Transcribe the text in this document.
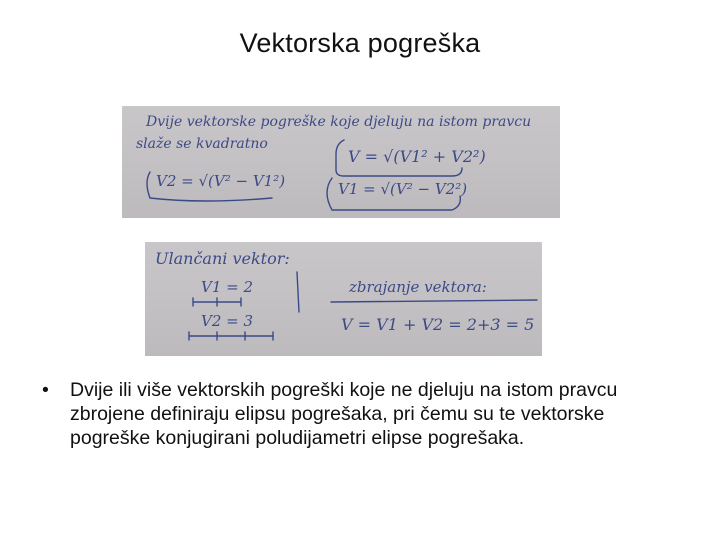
Vektorska pogreška
Dvije vektorske pogreške koje djeluju na istom pravcu
slaže se kvadratno
V = √(V1² + V2²)
V2 = √(V² − V1²)	V1 = √(V² − V2²)
Ulančani vektor:
zbrajanje vektora:
V1 = 2
V2 = 3	V = V1 + V2 = 2+3 = 5
•	Dvije ili više vektorskih pogreški koje ne djeluju na istom pravcu zbrojene definiraju elipsu pogrešaka, pri čemu su te vektorske pogreške konjugirani poludijametri elipse pogrešaka.
